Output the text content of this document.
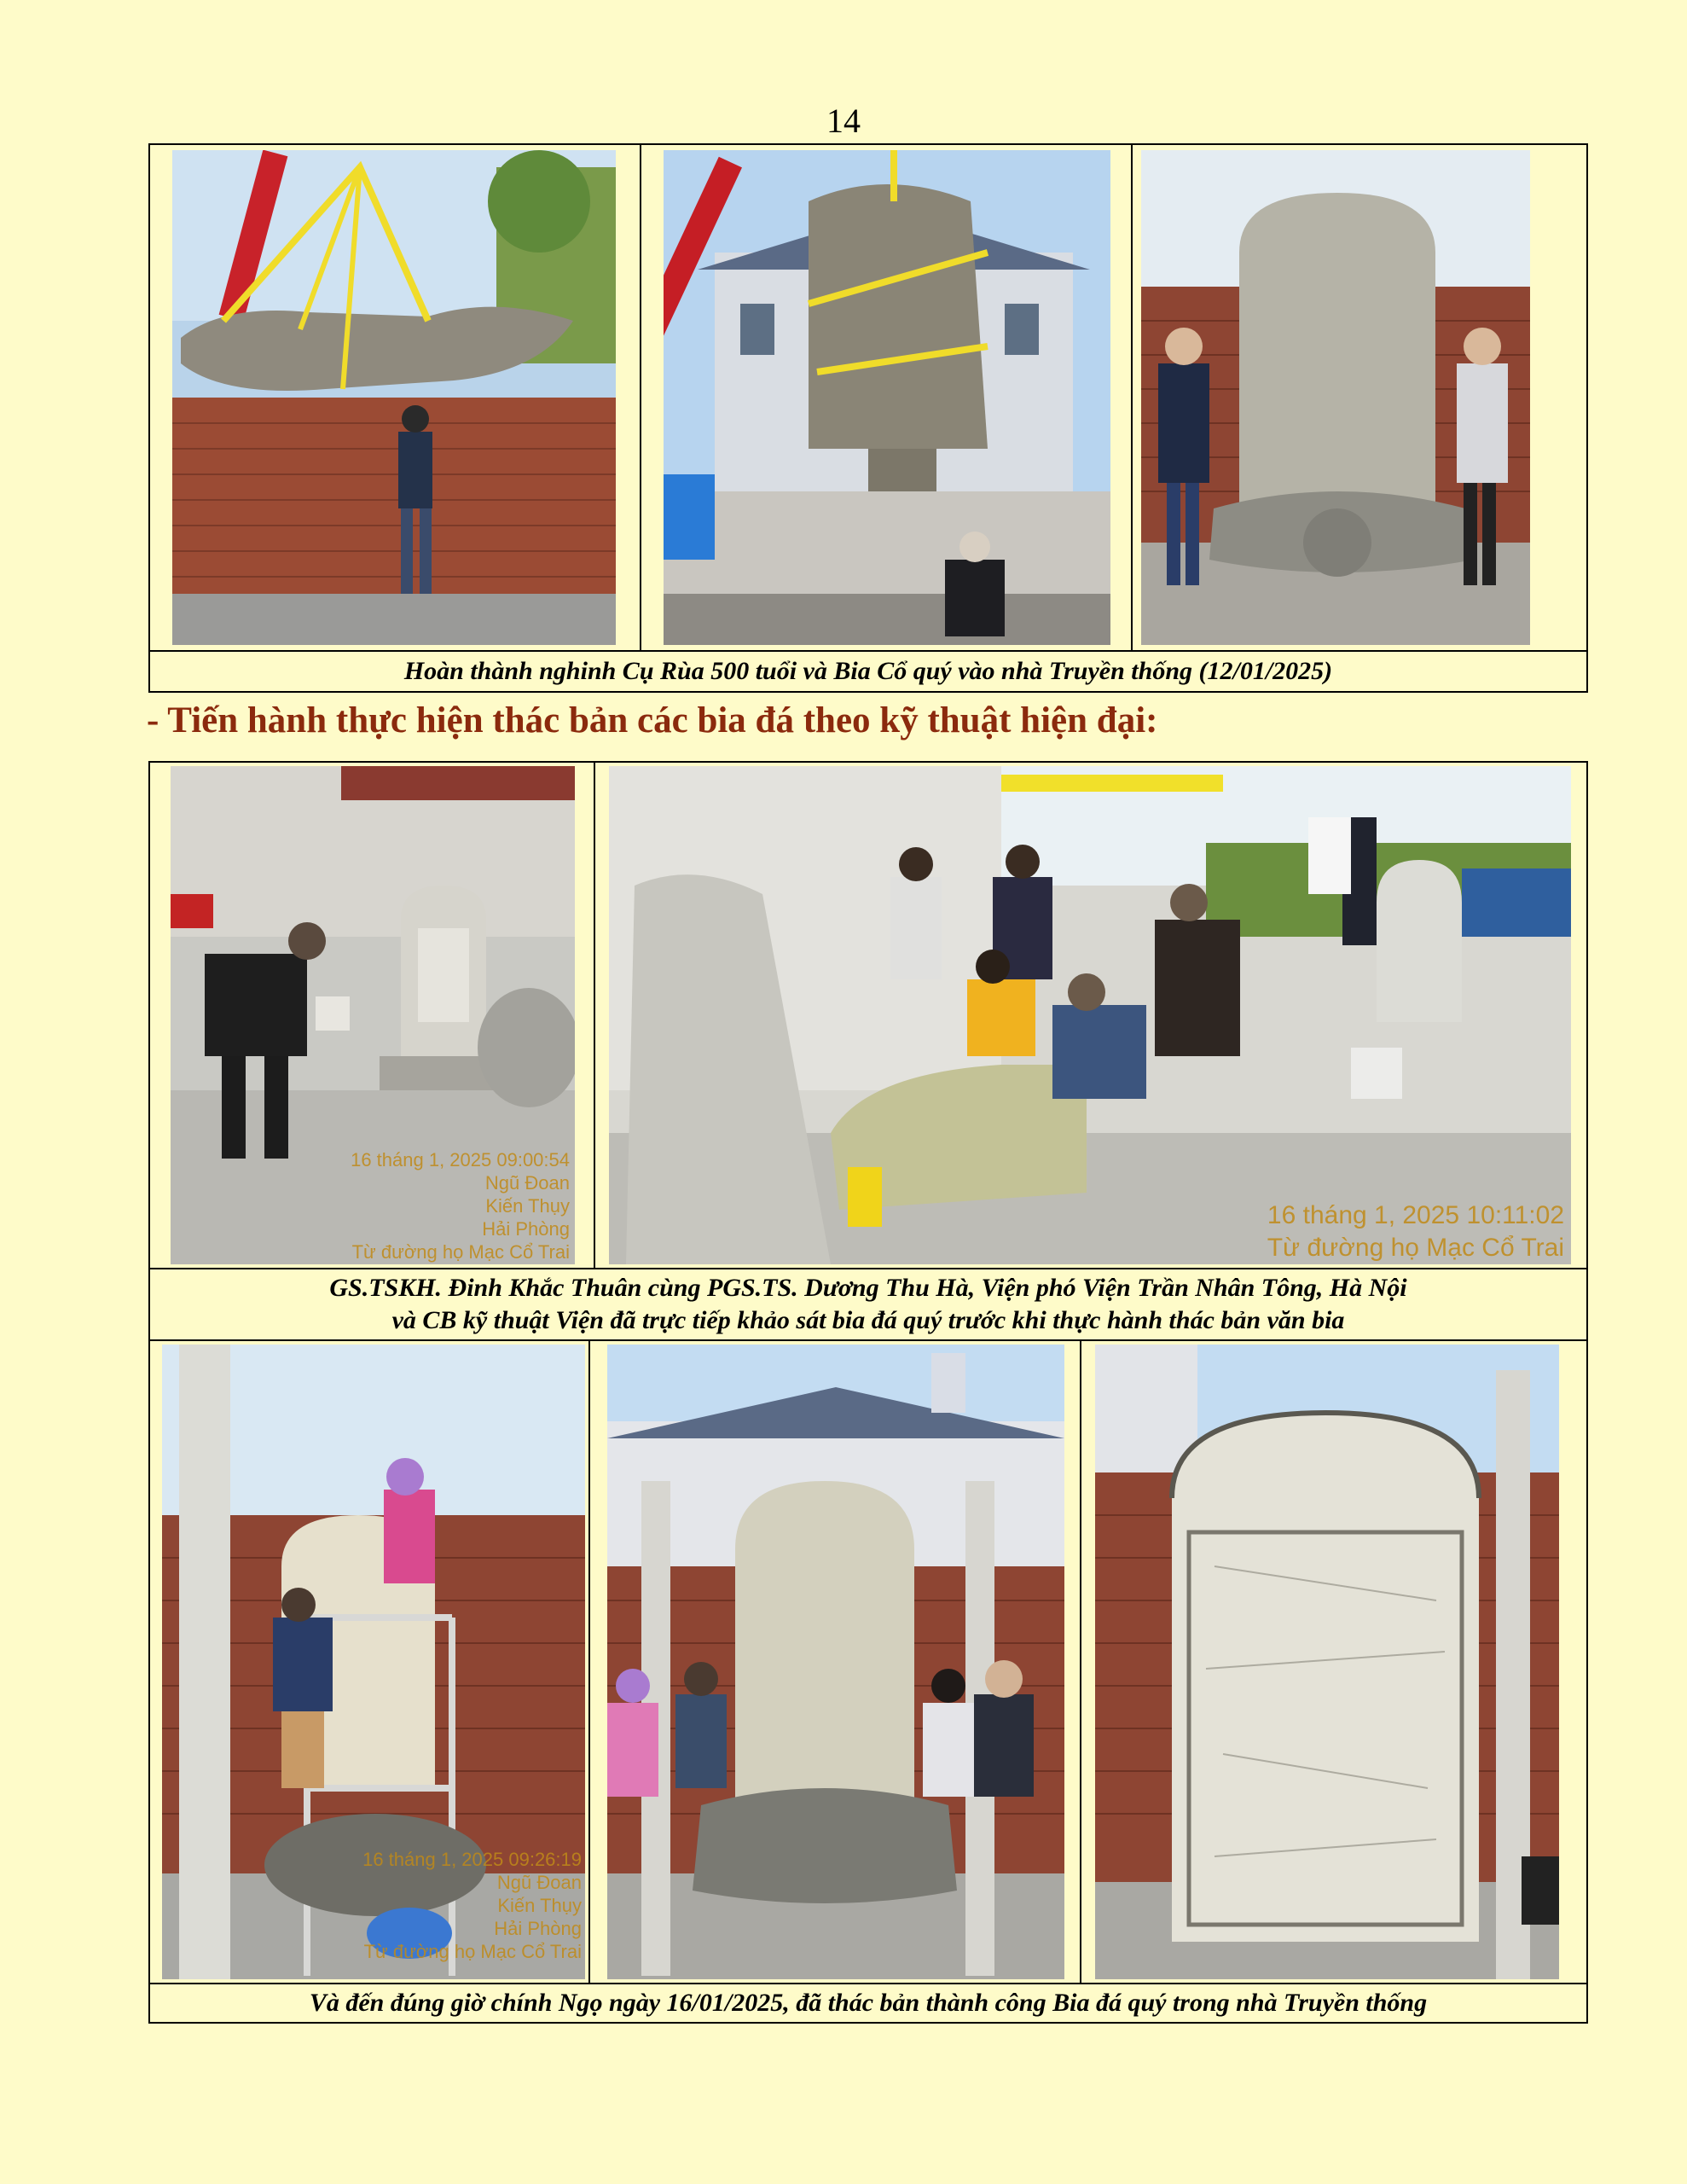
14
Hoàn thành nghinh Cụ Rùa 500 tuổi và Bia Cổ quý vào nhà Truyền thống (12/01/2025)
- Tiến hành thực hiện thác bản các bia đá theo kỹ thuật hiện đại:
16 tháng 1, 2025 09:00:54
Ngũ Đoan
Kiến Thụy
Hải Phòng
Từ đường họ Mạc Cổ Trai
16 tháng 1, 2025 10:11:02
Từ đường họ Mạc Cổ Trai
GS.TSKH. Đinh Khắc Thuân cùng PGS.TS. Dương Thu Hà, Viện phó Viện Trần Nhân Tông, Hà Nội
và CB kỹ thuật Viện đã trực tiếp khảo sát bia đá quý trước khi thực hành thác bản văn bia
16 tháng 1, 2025 09:26:19
Ngũ Đoan
Kiến Thụy
Hải Phòng
Từ đường họ Mạc Cổ Trai
Và đến đúng giờ chính Ngọ ngày 16/01/2025, đã thác bản thành công Bia đá quý trong nhà Truyền thống
